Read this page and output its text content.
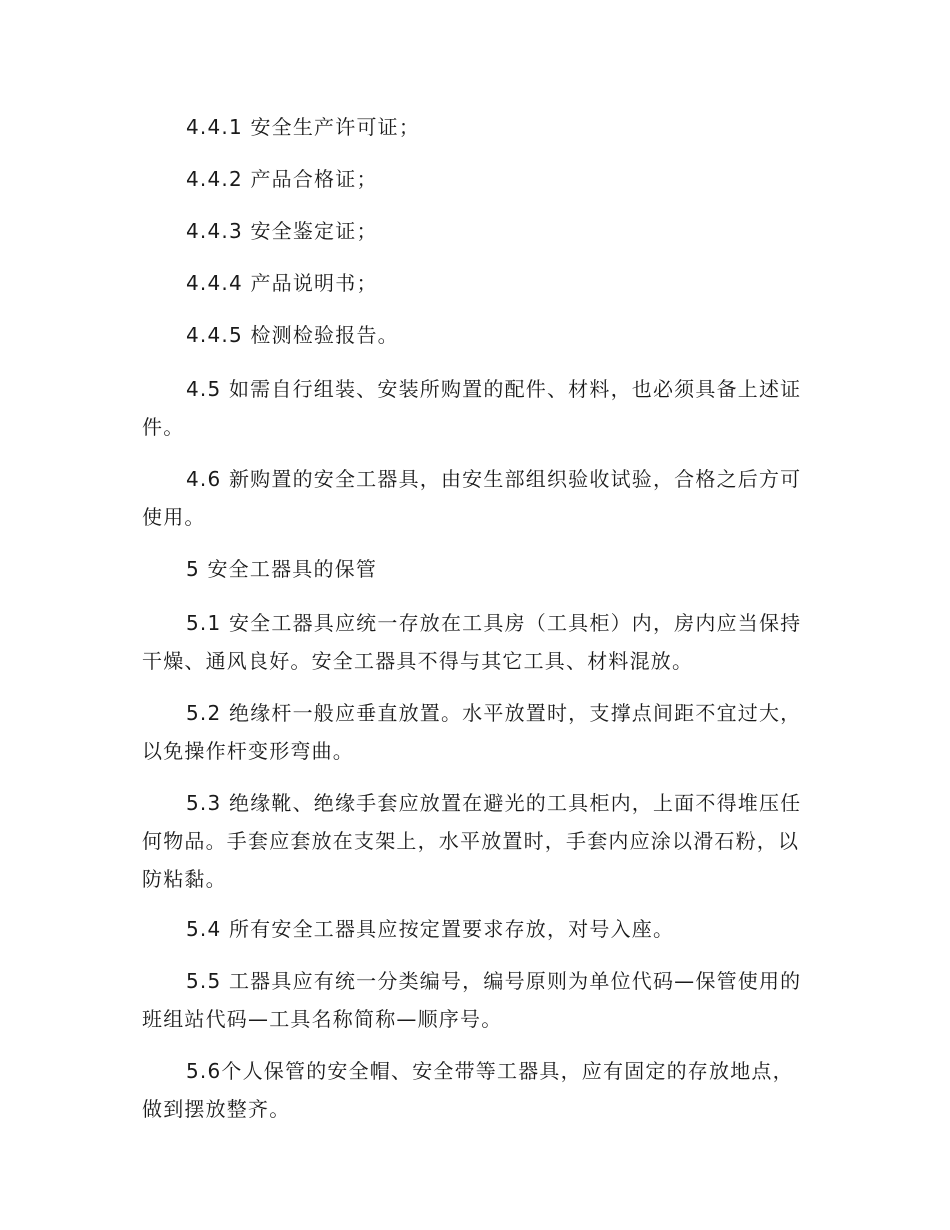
4.4.1 安全生产许可证；

4.4.2 产品合格证；

4.4.3 安全鉴定证；

4.4.4 产品说明书；

4.4.5 检测检验报告。

4.5 如需自行组装、安装所购置的配件、材料，也必须具备上述证件。

4.6 新购置的安全工器具，由安生部组织验收试验，合格之后方可使用。

5 安全工器具的保管

5.1 安全工器具应统一存放在工具房（工具柜）内，房内应当保持干燥、通风良好。安全工器具不得与其它工具、材料混放。

5.2 绝缘杆一般应垂直放置。水平放置时，支撑点间距不宜过大，以免操作杆变形弯曲。

5.3 绝缘靴、绝缘手套应放置在避光的工具柜内，上面不得堆压任何物品。手套应套放在支架上，水平放置时，手套内应涂以滑石粉，以防粘黏。

5.4 所有安全工器具应按定置要求存放，对号入座。

5.5 工器具应有统一分类编号，编号原则为单位代码—保管使用的班组站代码—工具名称简称—顺序号。

5.6个人保管的安全帽、安全带等工器具，应有固定的存放地点，做到摆放整齐。
